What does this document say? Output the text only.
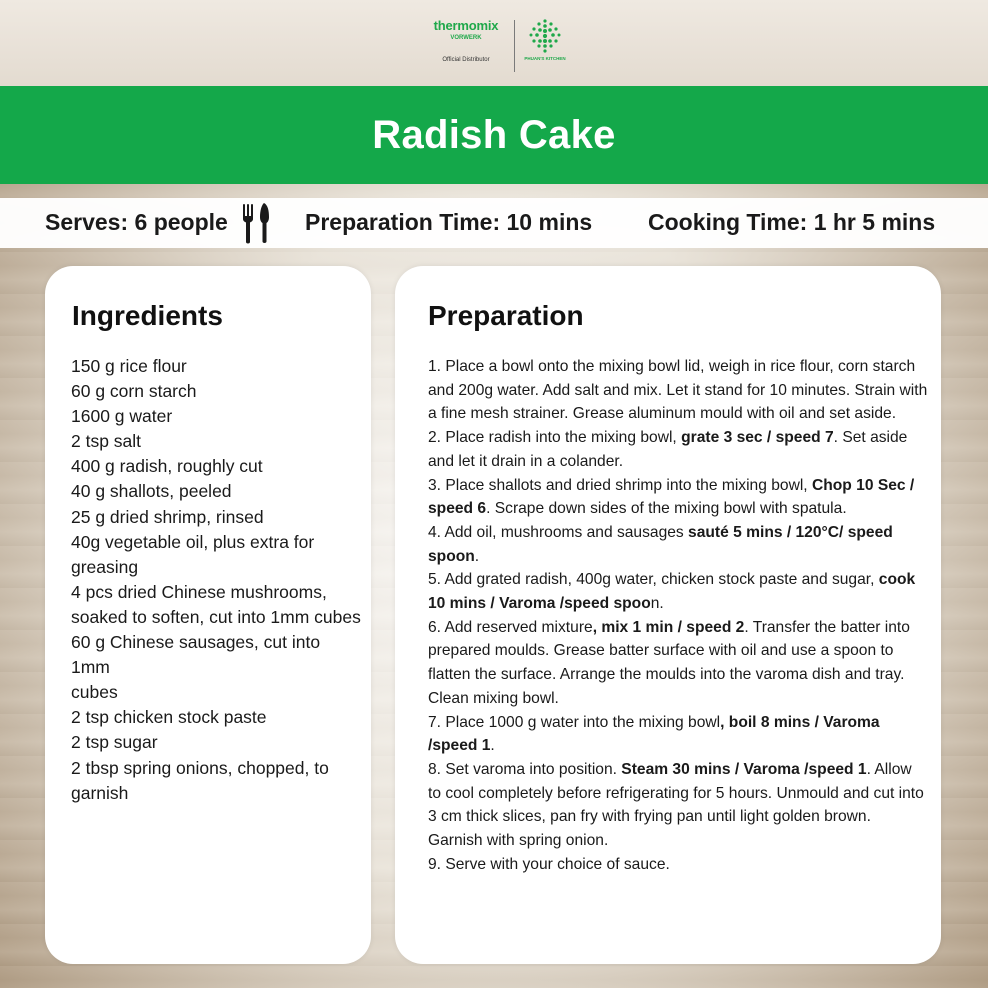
thermomix
VORWERK
Official Distributor	PHUAN'S KITCHEN
Radish Cake
Serves: 6 people	Preparation Time: 10 mins Cooking Time: 1 hr 5 mins
Ingredients
150 g rice flour
60 g corn starch
1600 g water
2 tsp salt
400 g radish, roughly cut
40 g shallots, peeled
25 g dried shrimp, rinsed
40g vegetable oil, plus extra for greasing
4 pcs dried Chinese mushrooms, soaked to soften, cut into 1mm cubes
60 g Chinese sausages, cut into 1mm
cubes
2 tsp chicken stock paste
2 tsp sugar
2 tbsp spring onions, chopped, to garnish
Preparation

1. Place a bowl onto the mixing bowl lid, weigh in rice flour, corn starch and 200g water. Add salt and mix. Let it stand for 10 minutes. Strain with a fine mesh strainer. Grease aluminum mould with oil and set aside.

2. Place radish into the mixing bowl, grate 3 sec / speed 7. Set aside and let it drain in a colander.

3. Place shallots and dried shrimp into the mixing bowl, Chop 10 Sec / speed 6. Scrape down sides of the mixing bowl with spatula.

4. Add oil, mushrooms and sausages sauté 5 mins / 120°C/ speed spoon.

5. Add grated radish, 400g water, chicken stock paste and sugar, cook 10 mins / Varoma /speed spoon.

6. Add reserved mixture, mix 1 min / speed 2. Transfer the batter into prepared moulds. Grease batter surface with oil and use a spoon to flatten the surface. Arrange the moulds into the varoma dish and tray. Clean mixing bowl.

7. Place 1000 g water into the mixing bowl, boil 8 mins / Varoma /speed 1.

8. Set varoma into position. Steam 30 mins / Varoma /speed 1. Allow to cool completely before refrigerating for 5 hours. Unmould and cut into 3 cm thick slices, pan fry with frying pan until light golden brown. Garnish with spring onion.

9. Serve with your choice of sauce.
